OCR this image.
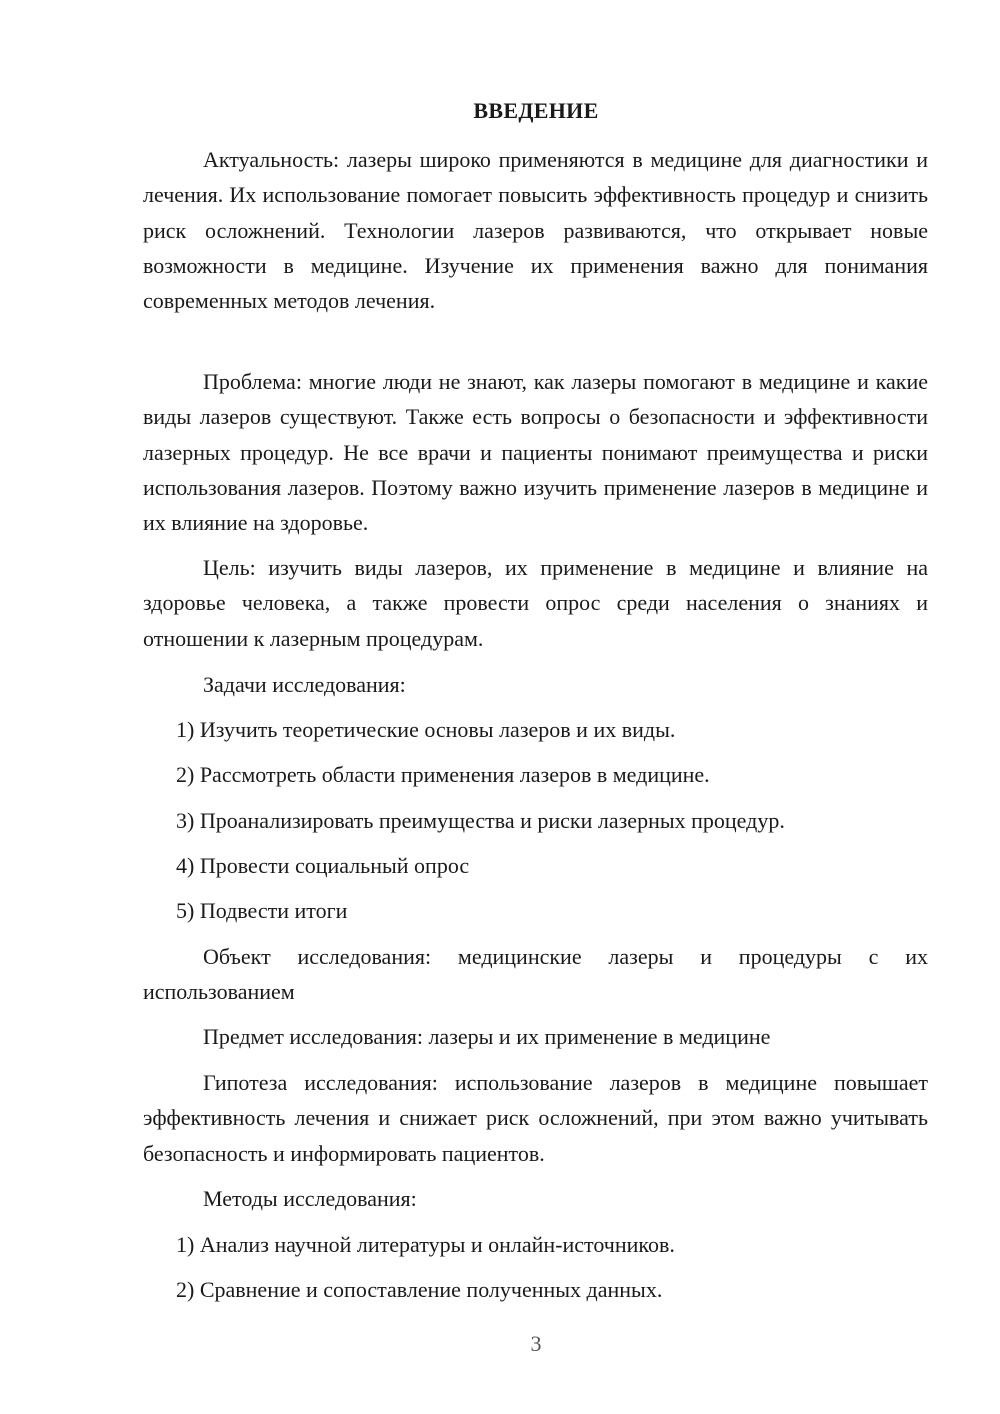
ВВЕДЕНИЕ

Актуальность: лазеры широко применяются в медицине для диагностики и лечения. Их использование помогает повысить эффективность процедур и снизить риск осложнений. Технологии лазеров развиваются, что открывает новые возможности в медицине. Изучение их применения важно для понимания современных методов лечения.

Проблема: многие люди не знают, как лазеры помогают в медицине и какие виды лазеров существуют. Также есть вопросы о безопасности и эффективности лазерных процедур. Не все врачи и пациенты понимают преимущества и риски использования лазеров. Поэтому важно изучить применение лазеров в медицине и их влияние на здоровье.

Цель: изучить виды лазеров, их применение в медицине и влияние на здоровье человека, а также провести опрос среди населения о знаниях и отношении к лазерным процедурам.

Задачи исследования:
1) Изучить теоретические основы лазеров и их виды.
2) Рассмотреть области применения лазеров в медицине.
3) Проанализировать преимущества и риски лазерных процедур.
4) Провести социальный опрос
5) Подвести итоги

Объект исследования: медицинские лазеры и процедуры с их использованием

Предмет исследования: лазеры и их применение в медицине

Гипотеза исследования: использование лазеров в медицине повышает эффективность лечения и снижает риск осложнений, при этом важно учитывать безопасность и информировать пациентов.

Методы исследования:
1) Анализ научной литературы и онлайн-источников.
2) Сравнение и сопоставление полученных данных.
3
